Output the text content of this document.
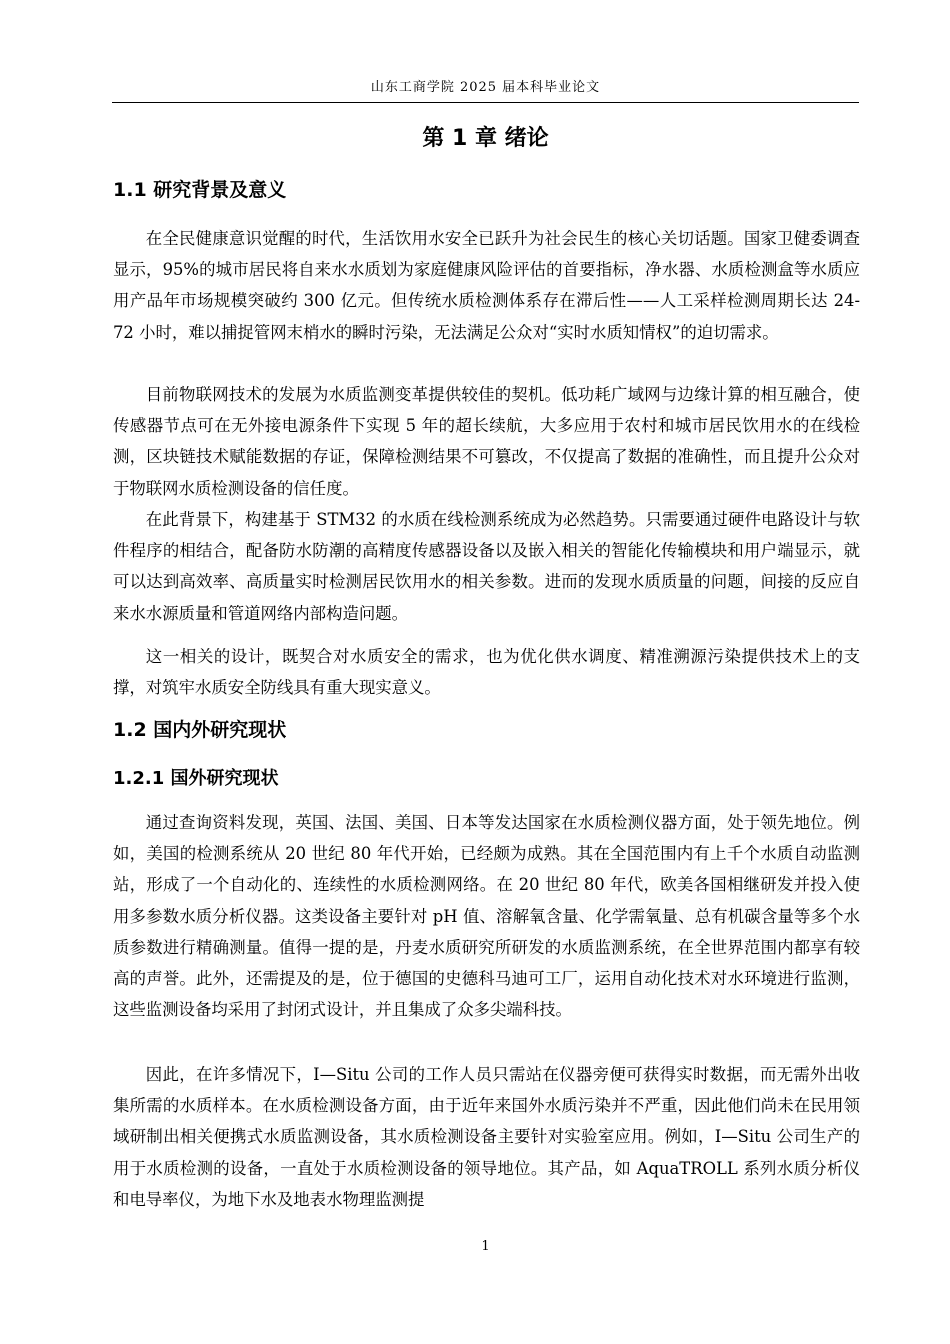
山东工商学院 2025 届本科毕业论文
第 1 章 绪论
1.1 研究背景及意义

在全民健康意识觉醒的时代，生活饮用水安全已跃升为社会民生的核心关切话题。国家卫健委调查显示，95%的城市居民将自来水水质划为家庭健康风险评估的首要指标，净水器、水质检测盒等水质应用产品年市场规模突破约 300 亿元。但传统水质检测体系存在滞后性——人工采样检测周期长达 24-72 小时，难以捕捉管网末梢水的瞬时污染，无法满足公众对“实时水质知情权”的迫切需求。

目前物联网技术的发展为水质监测变革提供较佳的契机。低功耗广域网与边缘计算的相互融合，使传感器节点可在无外接电源条件下实现 5 年的超长续航，大多应用于农村和城市居民饮用水的在线检测，区块链技术赋能数据的存证，保障检测结果不可篡改，不仅提高了数据的准确性，而且提升公众对于物联网水质检测设备的信任度。

在此背景下，构建基于 STM32 的水质在线检测系统成为必然趋势。只需要通过硬件电路设计与软件程序的相结合，配备防水防潮的高精度传感器设备以及嵌入相关的智能化传输模块和用户端显示，就可以达到高效率、高质量实时检测居民饮用水的相关参数。进而的发现水质质量的问题，间接的反应自来水水源质量和管道网络内部构造问题。

这一相关的设计，既契合对水质安全的需求，也为优化供水调度、精准溯源污染提供技术上的支撑，对筑牢水质安全防线具有重大现实意义。

1.2 国内外研究现状
1.2.1 国外研究现状

通过查询资料发现，英国、法国、美国、日本等发达国家在水质检测仪器方面，处于领先地位。例如，美国的检测系统从 20 世纪 80 年代开始，已经颇为成熟。其在全国范围内有上千个水质自动监测站，形成了一个自动化的、连续性的水质检测网络。在 20 世纪 80 年代，欧美各国相继研发并投入使用多参数水质分析仪器。这类设备主要针对 pH 值、溶解氧含量、化学需氧量、总有机碳含量等多个水质参数进行精确测量。值得一提的是，丹麦水质研究所研发的水质监测系统，在全世界范围内都享有较高的声誉。此外，还需提及的是，位于德国的史德科马迪可工厂，运用自动化技术对水环境进行监测，这些监测设备均采用了封闭式设计，并且集成了众多尖端科技。

因此，在许多情况下，I—Situ 公司的工作人员只需站在仪器旁便可获得实时数据，而无需外出收集所需的水质样本。在水质检测设备方面，由于近年来国外水质污染并不严重，因此他们尚未在民用领域研制出相关便携式水质监测设备，其水质检测设备主要针对实验室应用。例如，I—Situ 公司生产的用于水质检测的设备，一直处于水质检测设备的领导地位。其产品，如 AquaTROLL 系列水质分析仪和电导率仪，为地下水及地表水物理监测提

1
